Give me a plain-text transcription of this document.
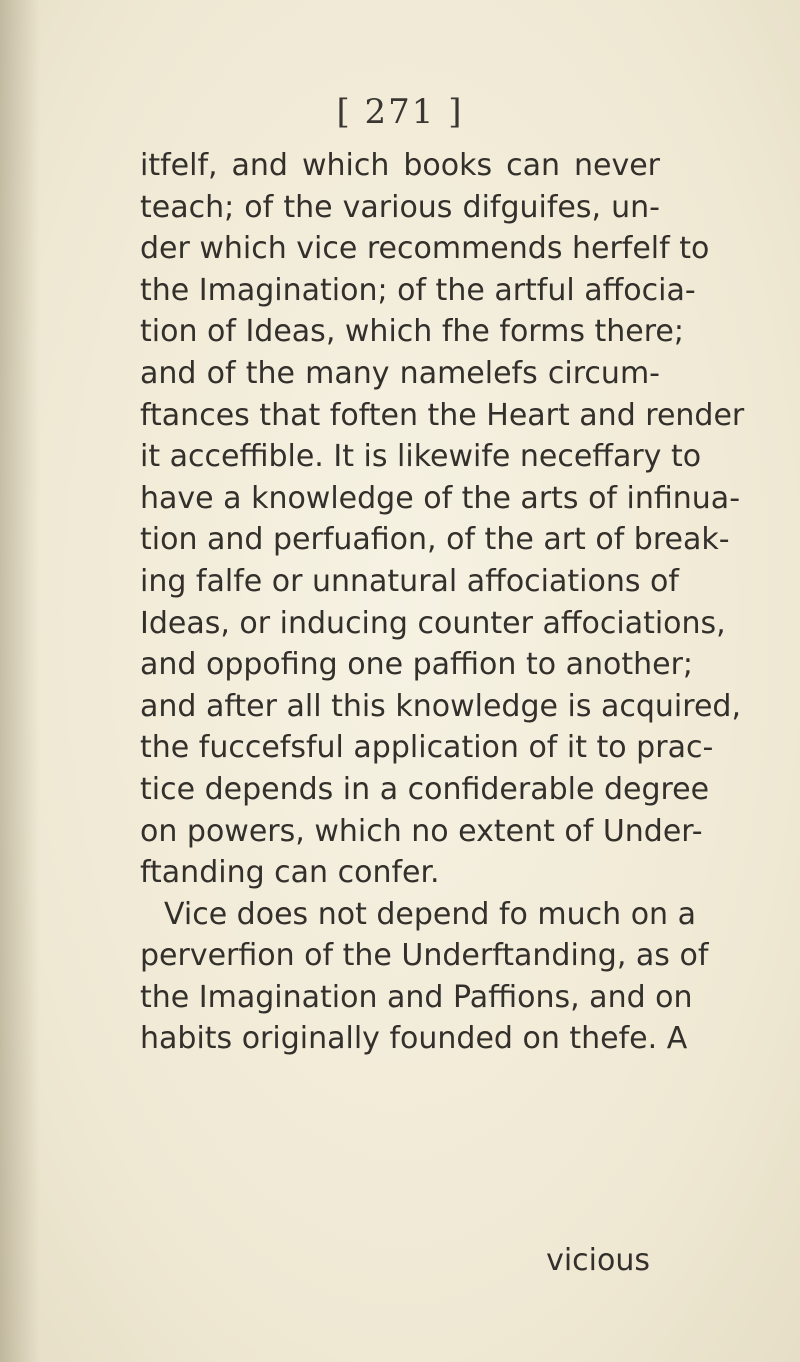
[ 271 ]
itfelf, and which books can never
teach; of the various difguifes, un-
der which vice recommends herfelf to
the Imagination; of the artful affocia-
tion of Ideas, which fhe forms there;
and of the many namelefs circum-
ftances that foften the Heart and render
it acceffible. It is likewife neceffary to
have a knowledge of the arts of infinua-
tion and perfuafion, of the art of break-
ing falfe or unnatural affociations of
Ideas, or inducing counter affociations,
and oppofing one paffion to another;
and after all this knowledge is acquired,
the fuccefsful application of it to prac-
tice depends in a confiderable degree
on powers, which no extent of Under-
ftanding can confer.
Vice does not depend fo much on a
perverfion of the Underftanding, as of
the Imagination and Paffions, and on
habits originally founded on thefe. A
vicious
